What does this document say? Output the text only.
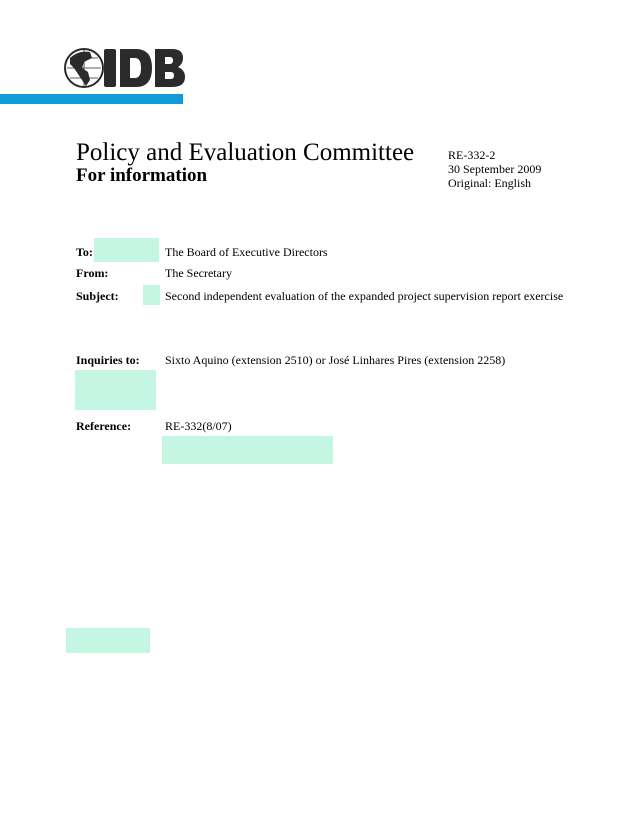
Policy and Evaluation Committee
For information
RE-332-2
30 September 2009
Original: English
To:	The Board of Executive Directors
From:	The Secretary
Subject:	Second independent evaluation of the expanded project supervision report exercise
Inquiries to: Sixto Aquino (extension 2510) or José Linhares Pires (extension 2258)
Reference:	RE-332(8/07)
